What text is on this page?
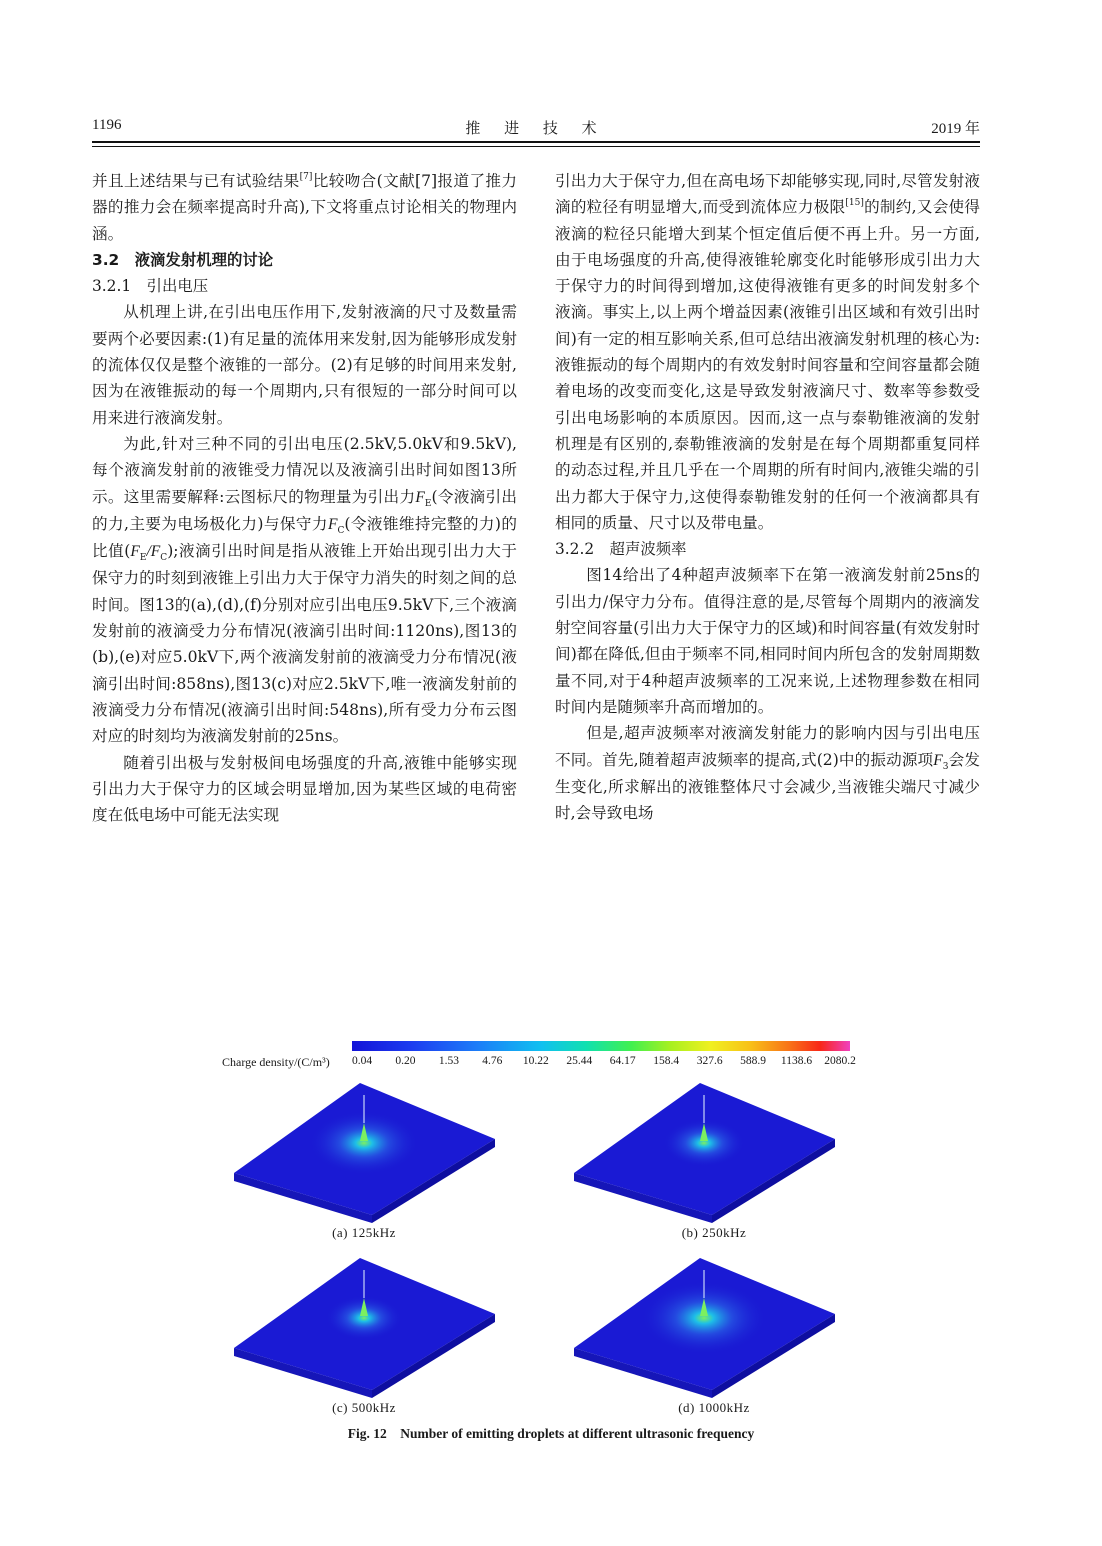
1196	推 进 技 术	2019 年

并且上述结果与已有试验结果[7]比较吻合(文献[7]报道了推力器的推力会在频率提高时升高),下文将重点讨论相关的物理内涵。

3.2　液滴发射机理的讨论

3.2.1　引出电压

从机理上讲,在引出电压作用下,发射液滴的尺寸及数量需要两个必要因素:(1)有足量的流体用来发射,因为能够形成发射的流体仅仅是整个液锥的一部分。(2)有足够的时间用来发射,因为在液锥振动的每一个周期内,只有很短的一部分时间可以用来进行液滴发射。

为此,针对三种不同的引出电压(2.5kV,5.0kV和9.5kV),每个液滴发射前的液锥受力情况以及液滴引出时间如图13所示。这里需要解释:云图标尺的物理量为引出力$F_E$(令液滴引出的力,主要为电场极化力)与保守力$F_C$(令液锥维持完整的力)的比值$(F_E/F_C)$;液滴引出时间是指从液锥上开始出现引出力大于保守力的时刻到液锥上引出力大于保守力消失的时刻之间的总时间。图13的(a),(d),(f)分别对应引出电压9.5kV下,三个液滴发射前的液滴受力分布情况(液滴引出时间:1120ns),图13的(b),(e)对应5.0kV下,两个液滴发射前的液滴受力分布情况(液滴引出时间:858ns),图13(c)对应2.5kV下,唯一液滴发射前的液滴受力分布情况(液滴引出时间:548ns),所有受力分布云图对应的时刻均为液滴发射前的25ns。

随着引出极与发射极间电场强度的升高,液锥中能够实现引出力大于保守力的区域会明显增加,因为某些区域的电荷密度在低电场中可能无法实现

引出力大于保守力,但在高电场下却能够实现,同时,尽管发射液滴的粒径有明显增大,而受到流体应力极限[15]的制约,又会使得液滴的粒径只能增大到某个恒定值后便不再上升。另一方面,由于电场强度的升高,使得液锥轮廓变化时能够形成引出力大于保守力的时间得到增加,这使得液锥有更多的时间发射多个液滴。事实上,以上两个增益因素(液锥引出区域和有效引出时间)有一定的相互影响关系,但可总结出液滴发射机理的核心为:液锥振动的每个周期内的有效发射时间容量和空间容量都会随着电场的改变而变化,这是导致发射液滴尺寸、数率等参数受引出电场影响的本质原因。因而,这一点与泰勒锥液滴的发射机理是有区别的,泰勒锥液滴的发射是在每个周期都重复同样的动态过程,并且几乎在一个周期的所有时间内,液锥尖端的引出力都大于保守力,这使得泰勒锥发射的任何一个液滴都具有相同的质量、尺寸以及带电量。

3.2.2　超声波频率

图14给出了4种超声波频率下在第一液滴发射前25ns的引出力/保守力分布。值得注意的是,尽管每个周期内的液滴发射空间容量(引出力大于保守力的区域)和时间容量(有效发射时间)都在降低,但由于频率不同,相同时间内所包含的发射周期数量不同,对于4种超声波频率的工况来说,上述物理参数在相同时间内是随频率升高而增加的。

但是,超声波频率对液滴发射能力的影响内因与引出电压不同。首先,随着超声波频率的提高,式(2)中的振动源项$F_3$会发生变化,所求解出的液锥整体尺寸会减少,当液锥尖端尺寸减少时,会导致电场

Charge density/(C/m³) 0.04 0.20 1.53 4.76 10.22 25.44 64.17 158.4 327.6 588.9 1138.6 2080.2
(a) 125kHz	(b) 250kHz
(c) 500kHz	(d) 1000kHz
Fig. 12　Number of emitting droplets at different ultrasonic frequency
